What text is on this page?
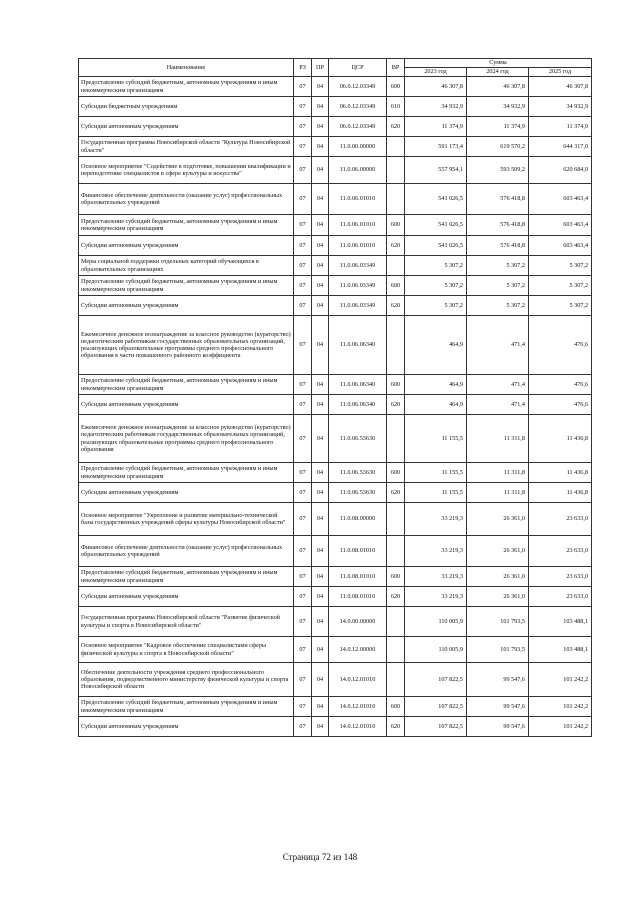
Наименование	РЗ	ПР	ЦСР	ВР	Сумма		
					2023 год	2024 год	2025 год
Предоставление субсидий бюджетным, автономным учреждениям и иным некоммерческим организациям	07	04	06.0.12.03349	600	46 307,8	46 307,8	46 307,8
Субсидии бюджетным учреждениям	07	04	06.0.12.03349	610	34 932,9	34 932,9	34 932,9
Субсидии автономным учреждениям	07	04	06.0.12.03349	620	11 374,9	11 374,9	11 374,9
Государственная программа Новосибирской области "Культура Новосибирской области"	07	04	11.0.00.00000		591 173,4	619 570,2	644 317,0
Основное мероприятие "Содействие в подготовке, повышении квалификации и переподготовке специалистов в сфере культуры и искусства"	07	04	11.0.06.00000		557 954,1	593 509,2	620 684,0
Финансовое обеспечение деятельности (оказание услуг) профессиональных образовательных учреждений	07	04	11.0.06.01010		541 026,5	576 418,8	603 463,4
Предоставление субсидий бюджетным, автономным учреждениям и иным некоммерческим организациям	07	04	11.0.06.01010	600	541 026,5	576 418,8	603 463,4
Субсидии автономным учреждениям	07	04	11.0.06.01010	620	541 026,5	576 418,8	603 463,4
Меры социальной поддержки отдельных категорий обучающихся в образовательных организациях	07	04	11.0.06.03349		5 307,2	5 307,2	5 307,2
Предоставление субсидий бюджетным, автономным учреждениям и иным некоммерческим организациям	07	04	11.0.06.03349	600	5 307,2	5 307,2	5 307,2
Субсидии автономным учреждениям	07	04	11.0.06.03349	620	5 307,2	5 307,2	5 307,2
Ежемесячное денежное вознаграждение за классное руководство (кураторство) педагогическим работникам государственных образовательных организаций, реализующих образовательные программы среднего профессионального образования в части повышенного районного коэффициента	07	04	11.0.06.06340		464,9	471,4	476,6
Предоставление субсидий бюджетным, автономным учреждениям и иным некоммерческим организациям	07	04	11.0.06.06340	600	464,9	471,4	476,6
Субсидии автономным учреждениям	07	04	11.0.06.06340	620	464,9	471,4	476,6
Ежемесячное денежное вознаграждение за классное руководство (кураторство) педагогическим работникам государственных образовательных организаций, реализующих образовательные программы среднего профессионального образования	07	04	11.0.06.53630		11 155,5	11 311,8	11 436,8
Предоставление субсидий бюджетным, автономным учреждениям и иным некоммерческим организациям	07	04	11.0.06.53630	600	11 155,5	11 311,8	11 436,8
Субсидии автономным учреждениям	07	04	11.0.06.53630	620	11 155,5	11 311,8	11 436,8
Основное мероприятие "Укрепление и развитие материально-технической базы государственных учреждений сферы культуры Новосибирской области"	07	04	11.0.08.00000		33 219,3	26 361,0	23 633,0
Финансовое обеспечение деятельности (оказание услуг) профессиональных образовательных учреждений	07	04	11.0.08.01010		33 219,3	26 361,0	23 633,0
Предоставление субсидий бюджетным, автономным учреждениям и иным некоммерческим организациям	07	04	11.0.08.01010	600	33 219,3	26 361,0	23 633,0
Субсидии автономным учреждениям	07	04	11.0.08.01010	620	33 219,3	26 361,0	23 633,0
Государственная программа Новосибирской области "Развитие физической культуры и спорта в Новосибирской области"	07	04	14.0.00.00000		110 005,9	101 793,5	103 488,1
Основное мероприятие "Кадровое обеспечение специалистами сферы физической культуры и спорта в Новосибирской области"	07	04	14.0.12.00000		110 005,9	101 793,5	103 488,1
Обеспечение деятельности учреждения среднего профессионального образования, подведомственного министерству физической культуры и спорта Новосибирской области	07	04	14.0.12.01010		107 822,5	99 547,6	101 242,2
Предоставление субсидий бюджетным, автономным учреждениям и иным некоммерческим организациям	07	04	14.0.12.01010	600	107 822,5	99 547,6	101 242,2
Субсидии автономным учреждениям	07	04	14.0.12.01010	620	107 822,5	99 547,6	101 242,2
Страница 72 из 148
